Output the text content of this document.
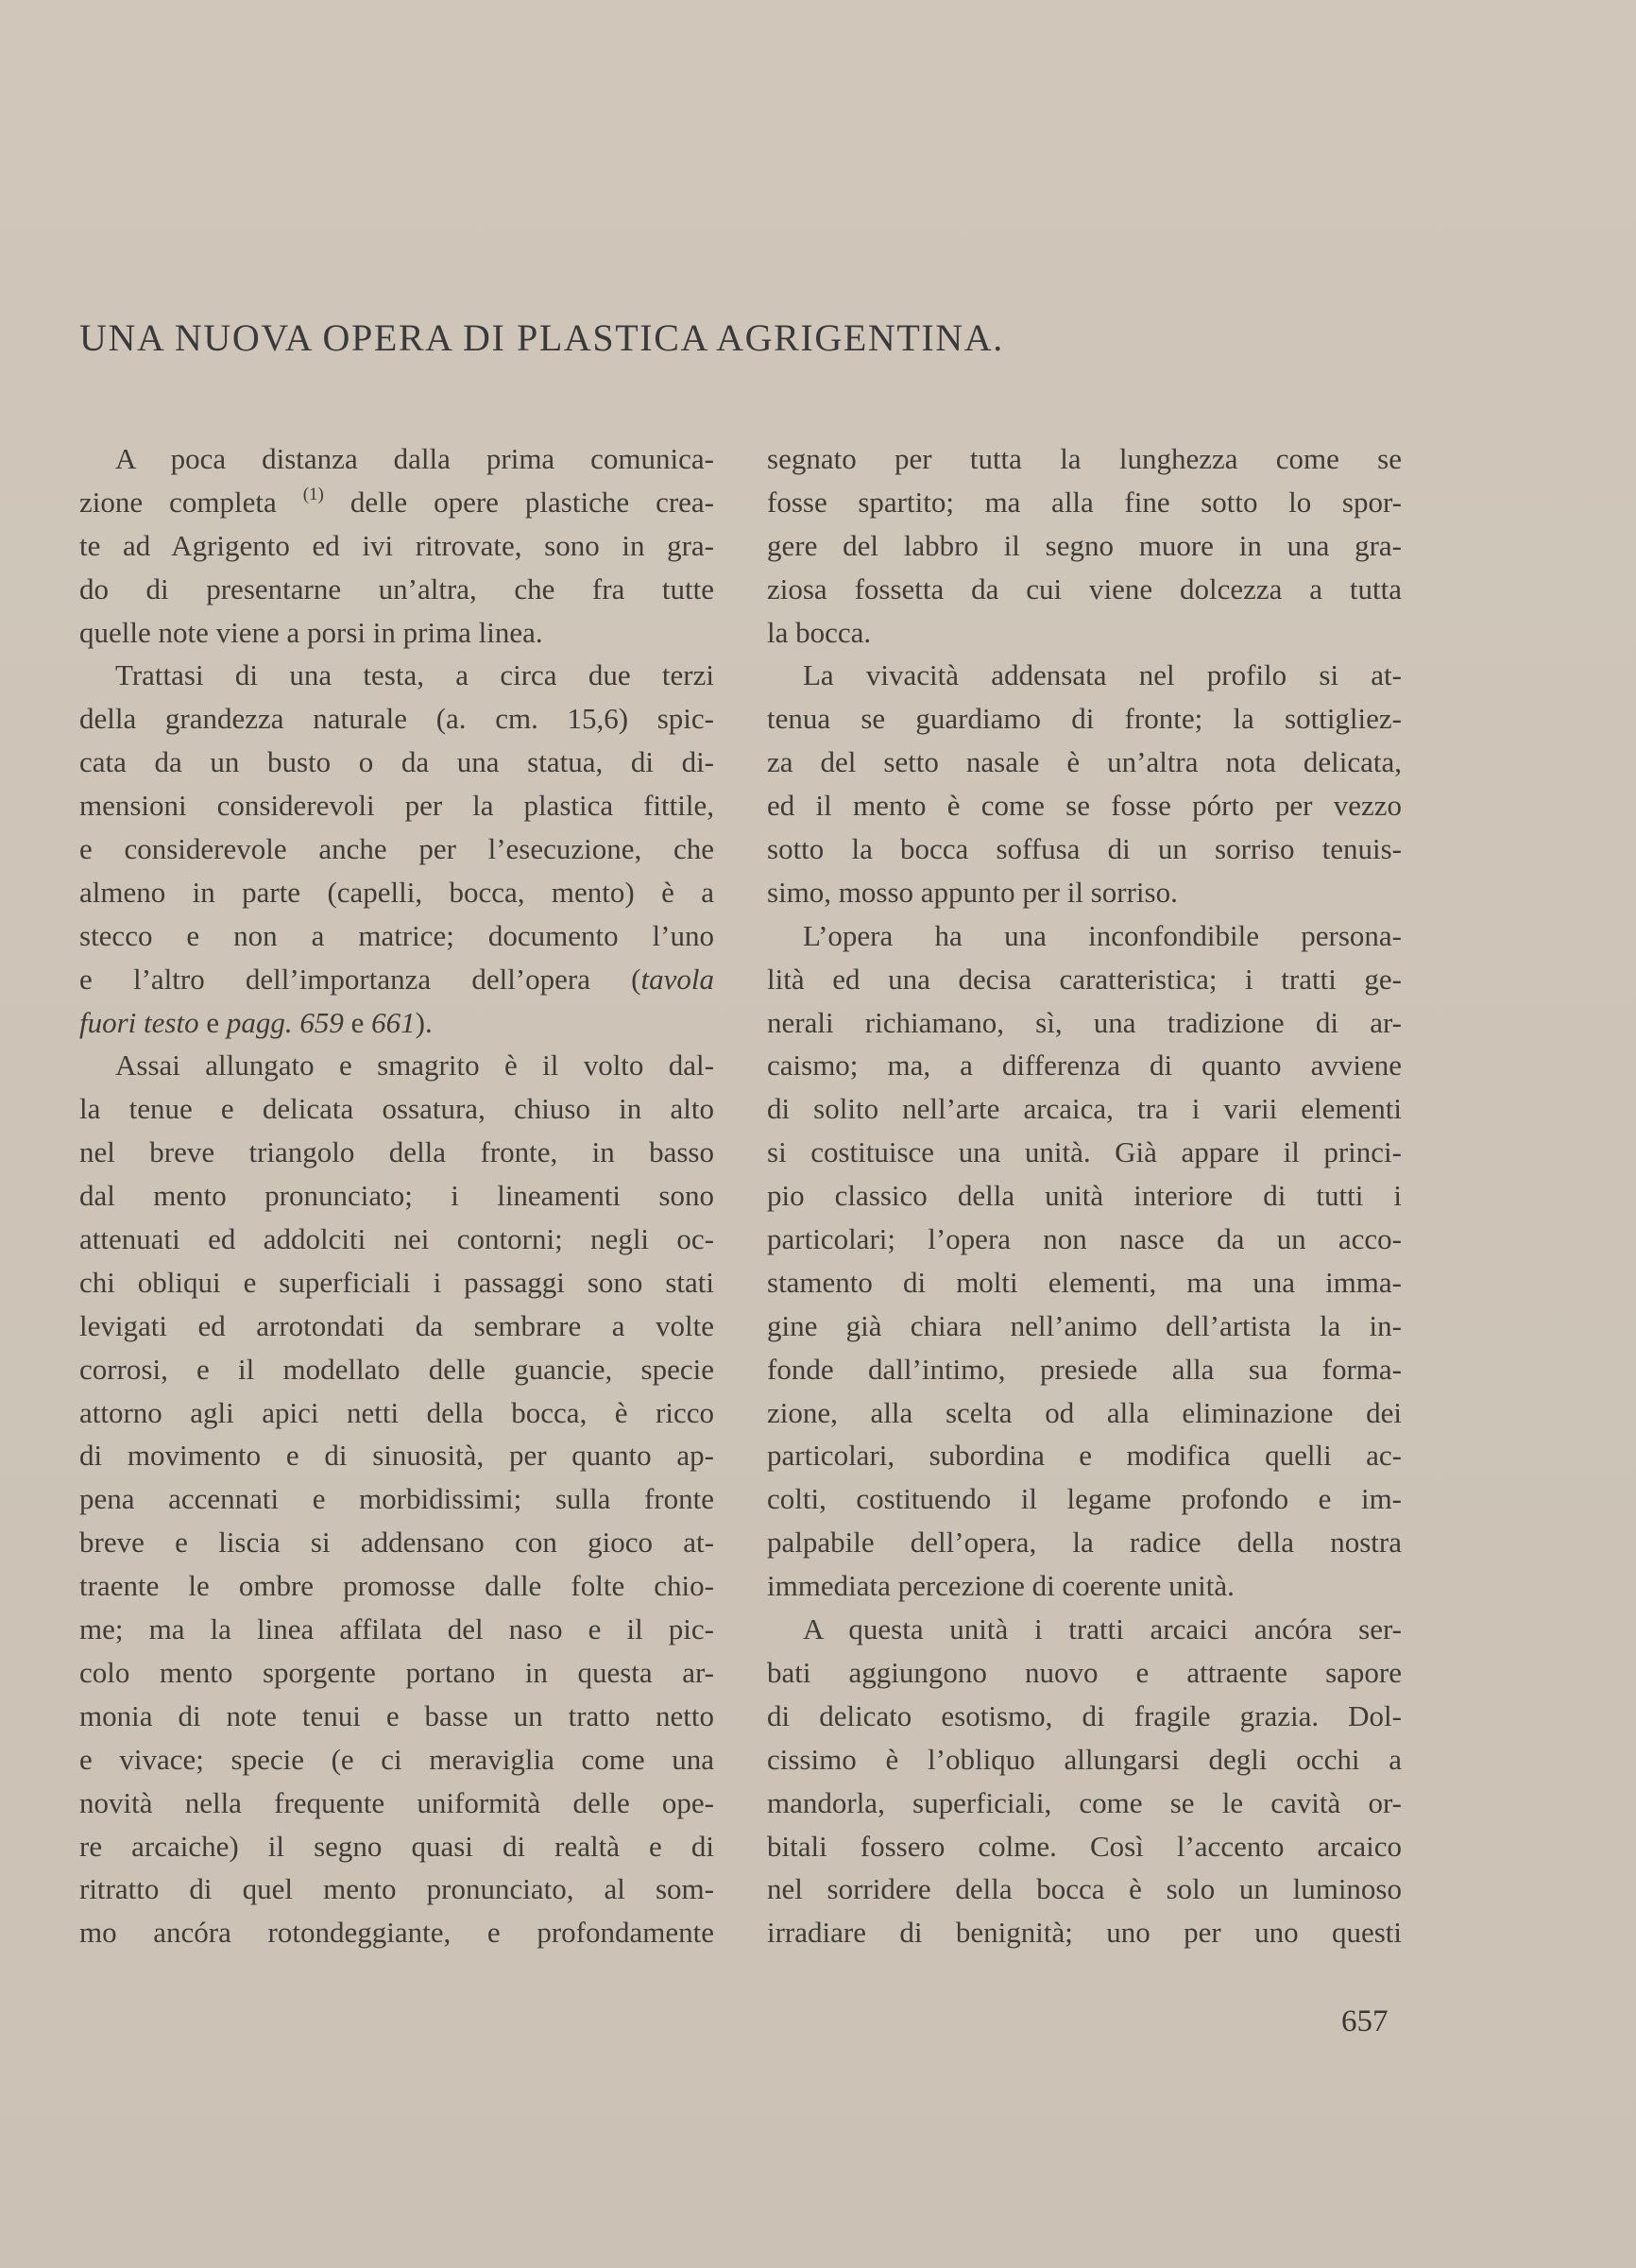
UNA NUOVA OPERA DI PLASTICA AGRIGENTINA.
A poca distanza dalla prima comunica-
zione completa $^{(1)}$ delle opere plastiche crea-
te ad Agrigento ed ivi ritrovate, sono in gra-
do di presentarne un’altra, che fra tutte
quelle note viene a porsi in prima linea.
Trattasi di una testa, a circa due terzi
della grandezza naturale (a. cm. 15,6) spic-
cata da un busto o da una statua, di di-
mensioni considerevoli per la plastica fittile,
e considerevole anche per l’esecuzione, che
almeno in parte (capelli, bocca, mento) è a
stecco e non a matrice; documento l’uno
e l’altro dell’importanza dell’opera (tavola
fuori testo e pagg. 659 e 661).
Assai allungato e smagrito è il volto dal-
la tenue e delicata ossatura, chiuso in alto
nel breve triangolo della fronte, in basso
dal mento pronunciato; i lineamenti sono
attenuati ed addolciti nei contorni; negli oc-
chi obliqui e superficiali i passaggi sono stati
levigati ed arrotondati da sembrare a volte
corrosi, e il modellato delle guancie, specie
attorno agli apici netti della bocca, è ricco
di movimento e di sinuosità, per quanto ap-
pena accennati e morbidissimi; sulla fronte
breve e liscia si addensano con gioco at-
traente le ombre promosse dalle folte chio-
me; ma la linea affilata del naso e il pic-
colo mento sporgente portano in questa ar-
monia di note tenui e basse un tratto netto
e vivace; specie (e ci meraviglia come una
novità nella frequente uniformità delle ope-
re arcaiche) il segno quasi di realtà e di
ritratto di quel mento pronunciato, al som-
mo ancóra rotondeggiante, e profondamente
segnato per tutta la lunghezza come se
fosse spartito; ma alla fine sotto lo spor-
gere del labbro il segno muore in una gra-
ziosa fossetta da cui viene dolcezza a tutta
la bocca.
La vivacità addensata nel profilo si at-
tenua se guardiamo di fronte; la sottigliez-
za del setto nasale è un’altra nota delicata,
ed il mento è come se fosse pórto per vezzo
sotto la bocca soffusa di un sorriso tenuis-
simo, mosso appunto per il sorriso.
L’opera ha una inconfondibile persona-
lità ed una decisa caratteristica; i tratti ge-
nerali richiamano, sì, una tradizione di ar-
caismo; ma, a differenza di quanto avviene
di solito nell’arte arcaica, tra i varii elementi
si costituisce una unità. Già appare il princi-
pio classico della unità interiore di tutti i
particolari; l’opera non nasce da un acco-
stamento di molti elementi, ma una imma-
gine già chiara nell’animo dell’artista la in-
fonde dall’intimo, presiede alla sua forma-
zione, alla scelta od alla eliminazione dei
particolari, subordina e modifica quelli ac-
colti, costituendo il legame profondo e im-
palpabile dell’opera, la radice della nostra
immediata percezione di coerente unità.
A questa unità i tratti arcaici ancóra ser-
bati aggiungono nuovo e attraente sapore
di delicato esotismo, di fragile grazia. Dol-
cissimo è l’obliquo allungarsi degli occhi a
mandorla, superficiali, come se le cavità or-
bitali fossero colme. Così l’accento arcaico
nel sorridere della bocca è solo un luminoso
irradiare di benignità; uno per uno questi
657
